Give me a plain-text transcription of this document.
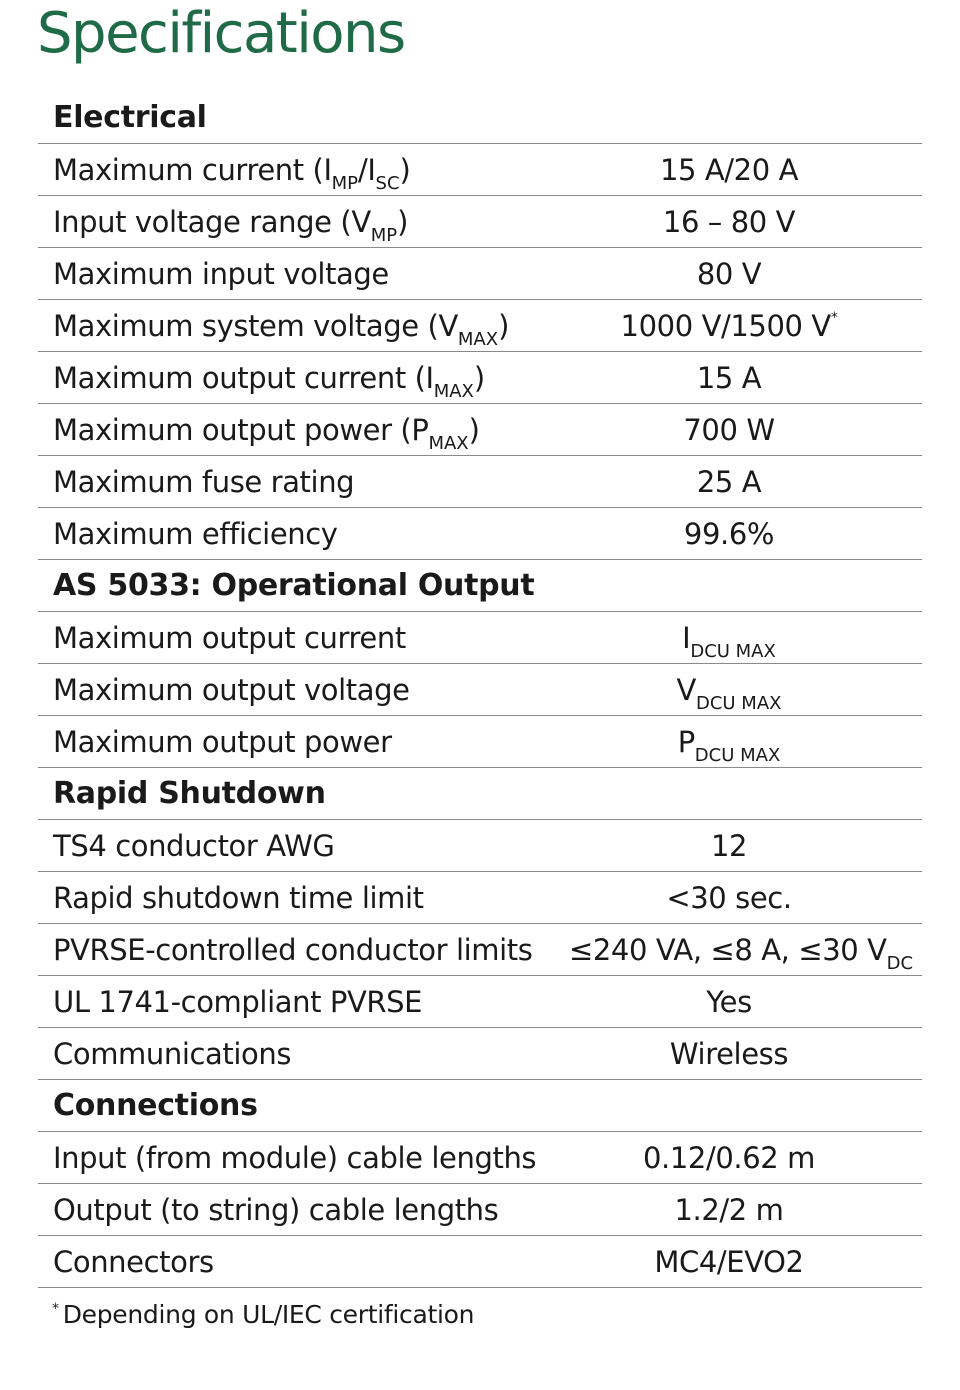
Specifications
Electrical
Maximum current $(I_{MP}/I_{SC})$	15 A/20 A
Input voltage range $(V_{MP})$	16 – 80 V
Maximum input voltage	80 V
Maximum system voltage $(V_{MAX})$	1000 V/1500 V*
Maximum output current $(I_{MAX})$	15 A
Maximum output power $(P_{MAX})$	700 W
Maximum fuse rating	25 A
Maximum efficiency	99.6%
AS 5033: Operational Output
Maximum output current	$I_{DCU MAX}$
Maximum output voltage	$V_{DCU MAX}$
Maximum output power	$P_{DCU MAX}$
Rapid Shutdown
TS4 conductor AWG	12
Rapid shutdown time limit	<30 sec.
PVRSE-controlled conductor limits	≤240 VA, ≤8 A, ≤30 $V_{DC}$
UL 1741-compliant PVRSE	Yes
Communications	Wireless
Connections
Input (from module) cable lengths	0.12/0.62 m
Output (to string) cable lengths	1.2/2 m
Connectors	MC4/EVO2
* Depending on UL/IEC certification
